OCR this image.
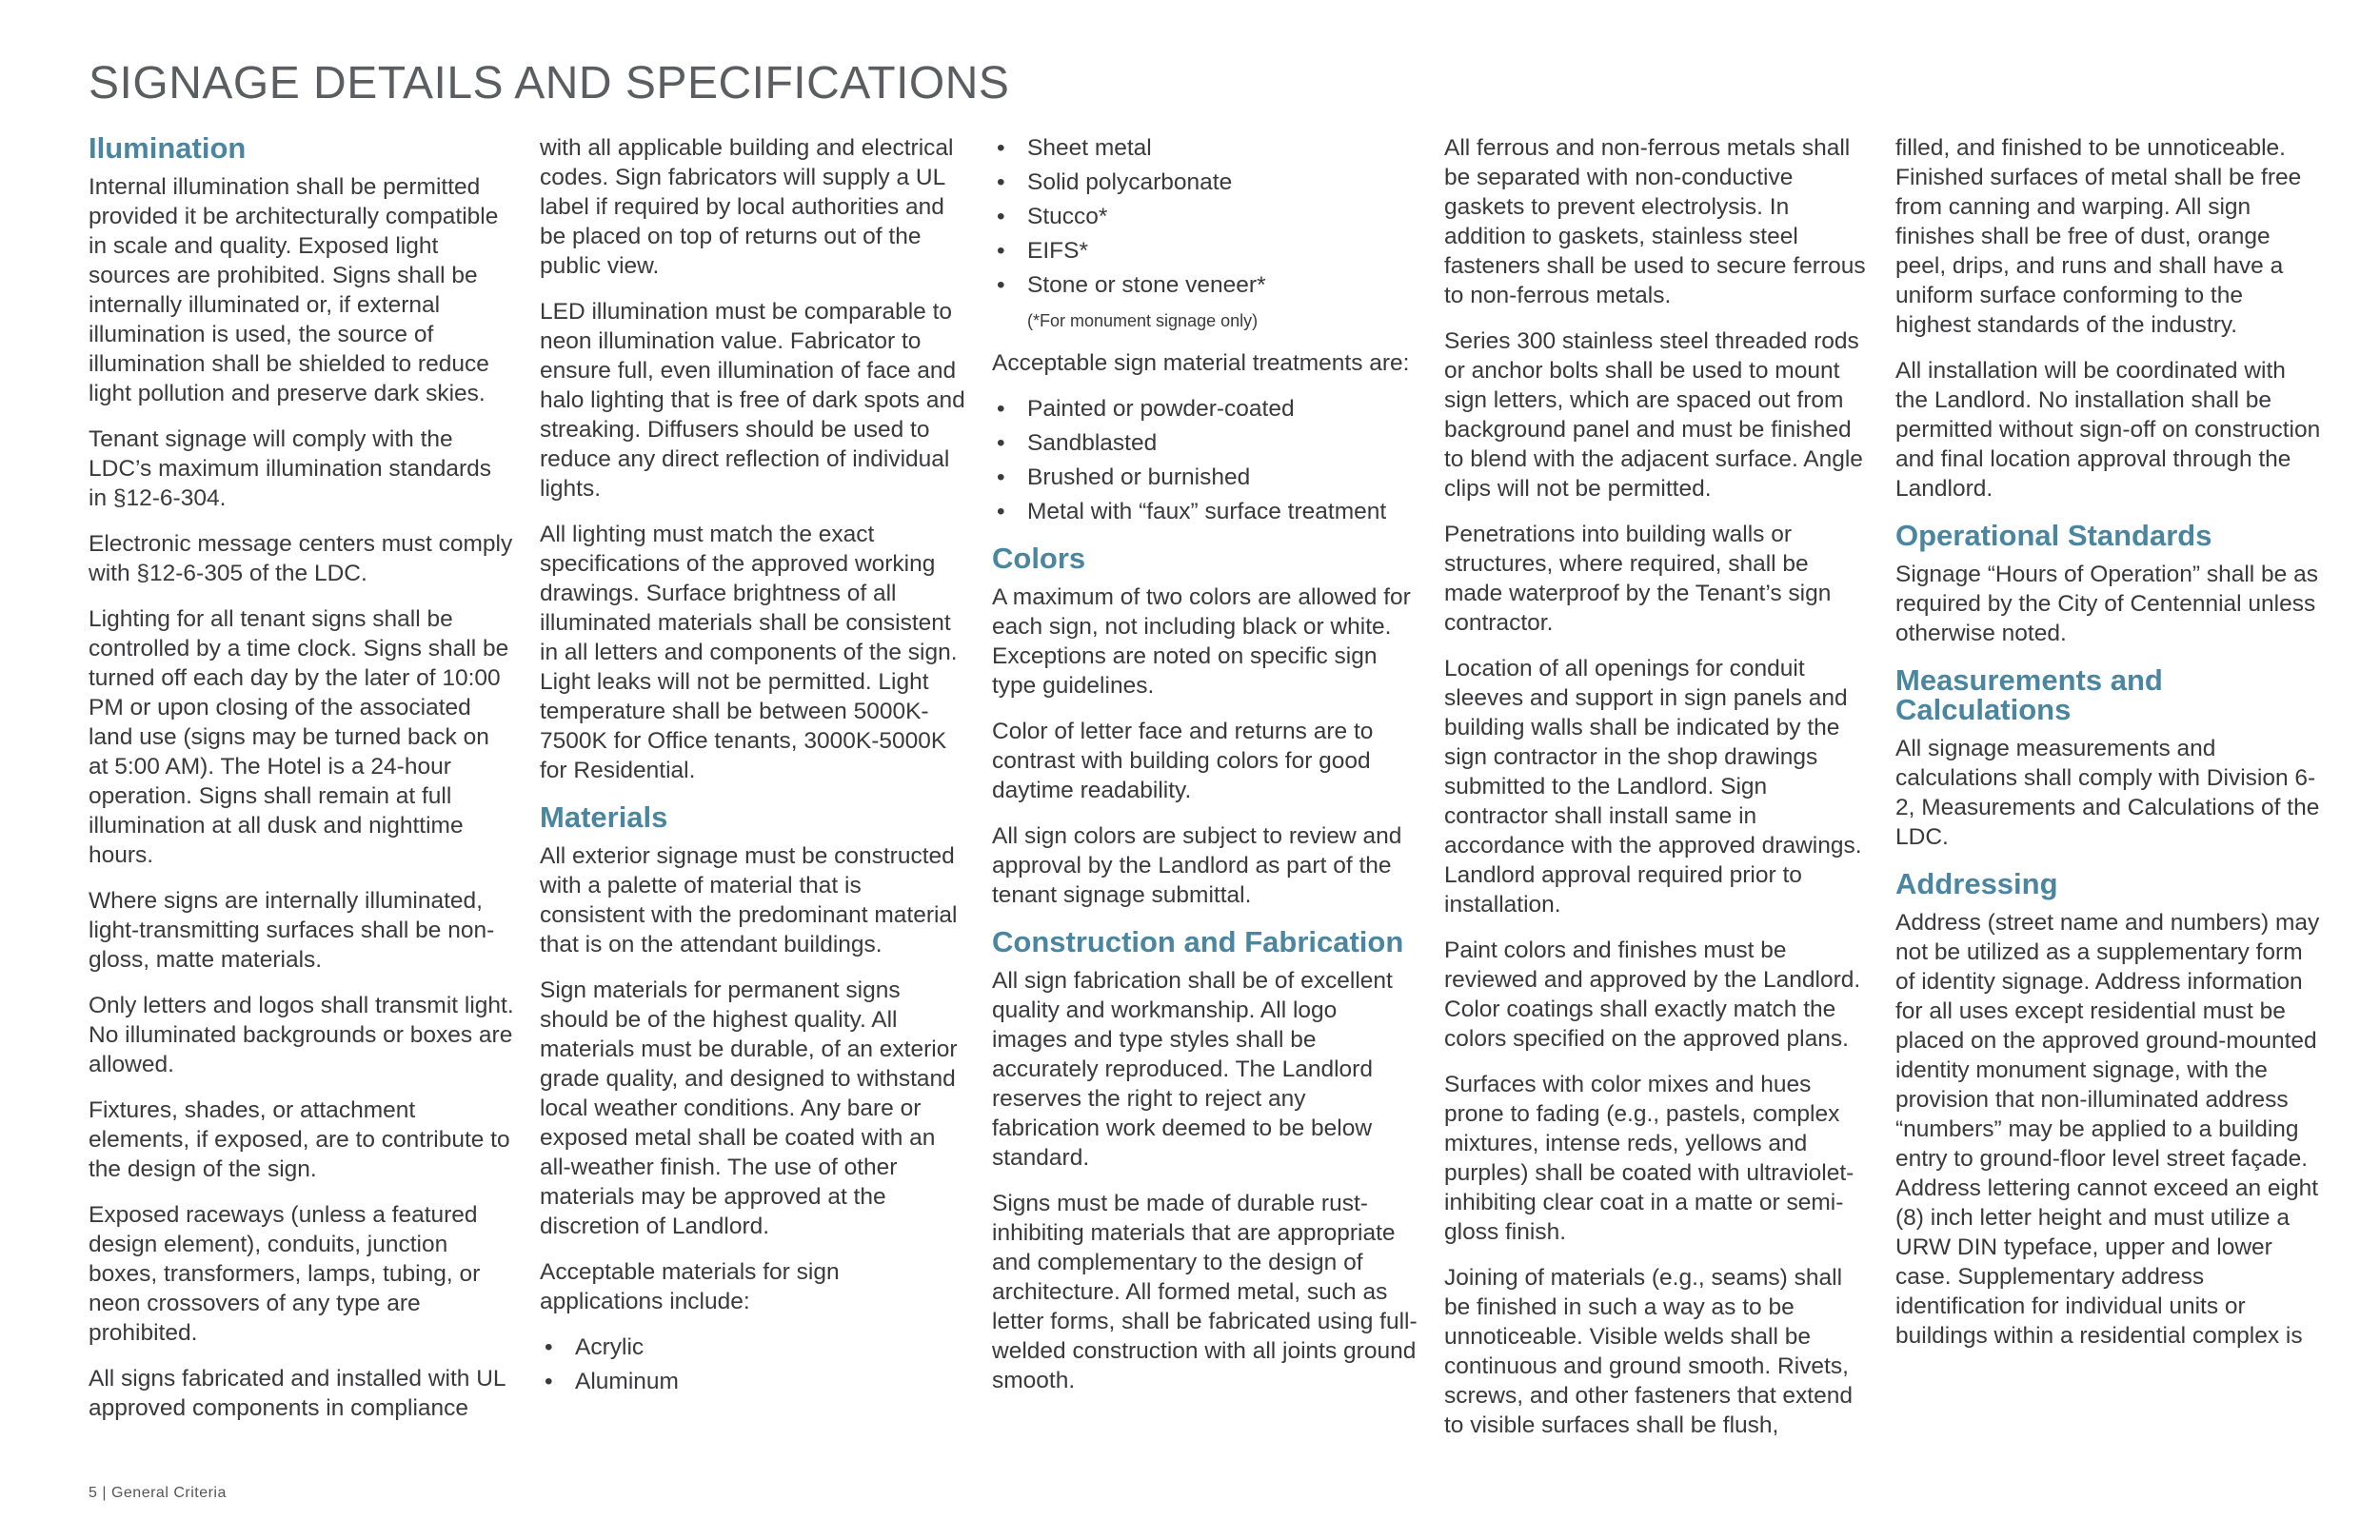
SIGNAGE DETAILS AND SPECIFICATIONS
Ilumination

Internal illumination shall be permitted provided it be architecturally compatible in scale and quality. Exposed light sources are prohibited. Signs shall be internally illuminated or, if external illumination is used, the source of illumination shall be shielded to reduce light pollution and preserve dark skies.

Tenant signage will comply with the LDC’s maximum illumination standards in §12-6-304.

Electronic message centers must comply with §12-6-305 of the LDC.

Lighting for all tenant signs shall be controlled by a time clock. Signs shall be turned off each day by the later of 10:00 PM or upon closing of the associated land use (signs may be turned back on at 5:00 AM). The Hotel is a 24-hour operation. Signs shall remain at full illumination at all dusk and nighttime hours.

Where signs are internally illuminated, light-transmitting surfaces shall be non-gloss, matte materials.

Only letters and logos shall transmit light. No illuminated backgrounds or boxes are allowed.

Fixtures, shades, or attachment elements, if exposed, are to contribute to the design of the sign.

Exposed raceways (unless a featured design element), conduits, junction boxes, transformers, lamps, tubing, or neon crossovers of any type are prohibited.

All signs fabricated and installed with UL approved components in compliance

with all applicable building and electrical codes. Sign fabricators will supply a UL label if required by local authorities and be placed on top of returns out of the public view.

LED illumination must be comparable to neon illumination value. Fabricator to ensure full, even illumination of face and halo lighting that is free of dark spots and streaking. Diffusers should be used to reduce any direct reflection of individual lights.

All lighting must match the exact specifications of the approved working drawings. Surface brightness of all illuminated materials shall be consistent in all letters and components of the sign. Light leaks will not be permitted. Light temperature shall be between 5000K-7500K for Office tenants, 3000K-5000K for Residential.

Materials

All exterior signage must be constructed with a palette of material that is consistent with the predominant material that is on the attendant buildings.

Sign materials for permanent signs should be of the highest quality. All materials must be durable, of an exterior grade quality, and designed to withstand local weather conditions. Any bare or exposed metal shall be coated with an all-weather finish. The use of other materials may be approved at the discretion of Landlord.

Acceptable materials for sign applications include:

• Acrylic
• Aluminum
• Sheet metal
• Solid polycarbonate
• Stucco*
• EIFS*
• Stone or stone veneer*
(*For monument signage only)

Acceptable sign material treatments are:

• Painted or powder-coated
• Sandblasted
• Brushed or burnished
• Metal with “faux” surface treatment
Colors

A maximum of two colors are allowed for each sign, not including black or white. Exceptions are noted on specific sign type guidelines.

Color of letter face and returns are to contrast with building colors for good daytime readability.

All sign colors are subject to review and approval by the Landlord as part of the tenant signage submittal.

Construction and Fabrication

All sign fabrication shall be of excellent quality and workmanship. All logo images and type styles shall be accurately reproduced. The Landlord reserves the right to reject any fabrication work deemed to be below standard.

Signs must be made of durable rust-inhibiting materials that are appropriate and complementary to the design of architecture. All formed metal, such as letter forms, shall be fabricated using full-welded construction with all joints ground smooth.

All ferrous and non-ferrous metals shall be separated with non-conductive gaskets to prevent electrolysis. In addition to gaskets, stainless steel fasteners shall be used to secure ferrous to non-ferrous metals.

Series 300 stainless steel threaded rods or anchor bolts shall be used to mount sign letters, which are spaced out from background panel and must be finished to blend with the adjacent surface. Angle clips will not be permitted.

Penetrations into building walls or structures, where required, shall be made waterproof by the Tenant’s sign contractor.

Location of all openings for conduit sleeves and support in sign panels and building walls shall be indicated by the sign contractor in the shop drawings submitted to the Landlord. Sign contractor shall install same in accordance with the approved drawings. Landlord approval required prior to installation.

Paint colors and finishes must be reviewed and approved by the Landlord. Color coatings shall exactly match the colors specified on the approved plans.

Surfaces with color mixes and hues prone to fading (e.g., pastels, complex mixtures, intense reds, yellows and purples) shall be coated with ultraviolet-inhibiting clear coat in a matte or semi-gloss finish.

Joining of materials (e.g., seams) shall be finished in such a way as to be unnoticeable. Visible welds shall be continuous and ground smooth. Rivets, screws, and other fasteners that extend to visible surfaces shall be flush,

filled, and finished to be unnoticeable. Finished surfaces of metal shall be free from canning and warping. All sign finishes shall be free of dust, orange peel, drips, and runs and shall have a uniform surface conforming to the highest standards of the industry.

All installation will be coordinated with the Landlord. No installation shall be permitted without sign-off on construction and final location approval through the Landlord.

Operational Standards

Signage “Hours of Operation” shall be as required by the City of Centennial unless otherwise noted.

Measurements and Calculations

All signage measurements and calculations shall comply with Division 6-2, Measurements and Calculations of the LDC.

Addressing

Address (street name and numbers) may not be utilized as a supplementary form of identity signage. Address information for all uses except residential must be placed on the approved ground-mounted identity monument signage, with the provision that non-illuminated address “numbers” may be applied to a building entry to ground-floor level street façade. Address lettering cannot exceed an eight (8) inch letter height and must utilize a URW DIN typeface, upper and lower case. Supplementary address identification for individual units or buildings within a residential complex is

5 | General Criteria
